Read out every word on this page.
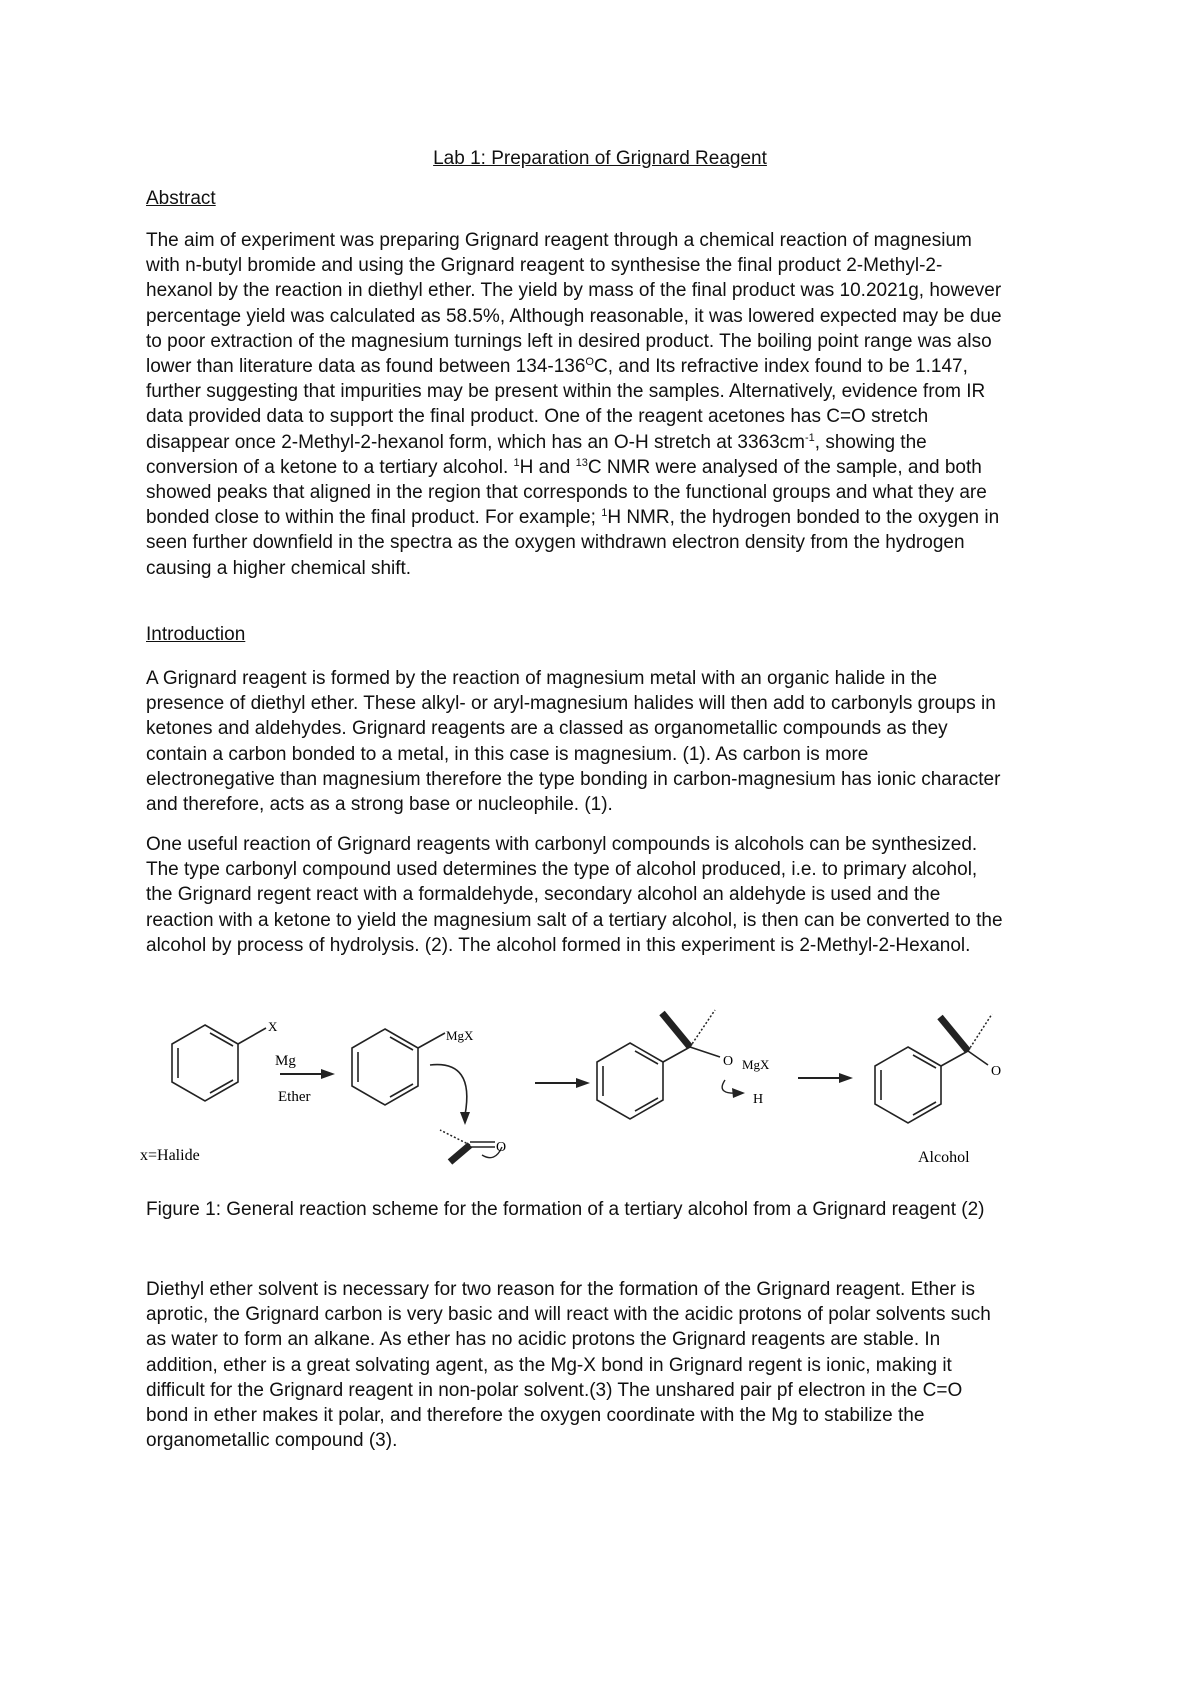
Lab 1: Preparation of Grignard Reagent
Abstract
The aim of experiment was preparing Grignard reagent through a chemical reaction of magnesium
with n-butyl bromide and using the Grignard reagent to synthesise the final product 2-Methyl-2-
hexanol by the reaction in diethyl ether. The yield by mass of the final product was 10.2021g, however
percentage yield was calculated as 58.5%, Although reasonable, it was lowered expected may be due
to poor extraction of the magnesium turnings left in desired product. The boiling point range was also
lower than literature data as found between $134-136^OC$, and Its refractive index found to be 1.147,
further suggesting that impurities may be present within the samples. Alternatively, evidence from IR
data provided data to support the final product. One of the reagent acetones has C=O stretch
disappear once 2-Methyl-2-hexanol form, which has an O-H stretch at $3363cm^{-1}$, showing the
conversion of a ketone to a tertiary alcohol. $^1$H and $^{13}$C NMR were analysed of the sample, and both
showed peaks that aligned in the region that corresponds to the functional groups and what they are
bonded close to within the final product. For example; $^1$H NMR, the hydrogen bonded to the oxygen in
seen further downfield in the spectra as the oxygen withdrawn electron density from the hydrogen
causing a higher chemical shift.
Introduction
A Grignard reagent is formed by the reaction of magnesium metal with an organic halide in the
presence of diethyl ether. These alkyl- or aryl-magnesium halides will then add to carbonyls groups in
ketones and aldehydes. Grignard reagents are a classed as organometallic compounds as they
contain a carbon bonded to a metal, in this case is magnesium. (1). As carbon is more
electronegative than magnesium therefore the type bonding in carbon-magnesium has ionic character
and therefore, acts as a strong base or nucleophile. (1).
One useful reaction of Grignard reagents with carbonyl compounds is alcohols can be synthesized.
The type carbonyl compound used determines the type of alcohol produced, i.e. to primary alcohol,
the Grignard regent react with a formaldehyde, secondary alcohol an aldehyde is used and the
reaction with a ketone to yield the magnesium salt of a tertiary alcohol, is then can be converted to the
alcohol by process of hydrolysis. (2). The alcohol formed in this experiment is 2-Methyl-2-Hexanol.
X
x=Halide
Mg
Ether
MgX
O
O MgX
H
O
Alcohol
Figure 1: General reaction scheme for the formation of a tertiary alcohol from a Grignard reagent (2)
Diethyl ether solvent is necessary for two reason for the formation of the Grignard reagent. Ether is
aprotic, the Grignard carbon is very basic and will react with the acidic protons of polar solvents such
as water to form an alkane. As ether has no acidic protons the Grignard reagents are stable. In
addition, ether is a great solvating agent, as the Mg-X bond in Grignard regent is ionic, making it
difficult for the Grignard reagent in non-polar solvent.(3) The unshared pair pf electron in the C=O
bond in ether makes it polar, and therefore the oxygen coordinate with the Mg to stabilize the
organometallic compound (3).
